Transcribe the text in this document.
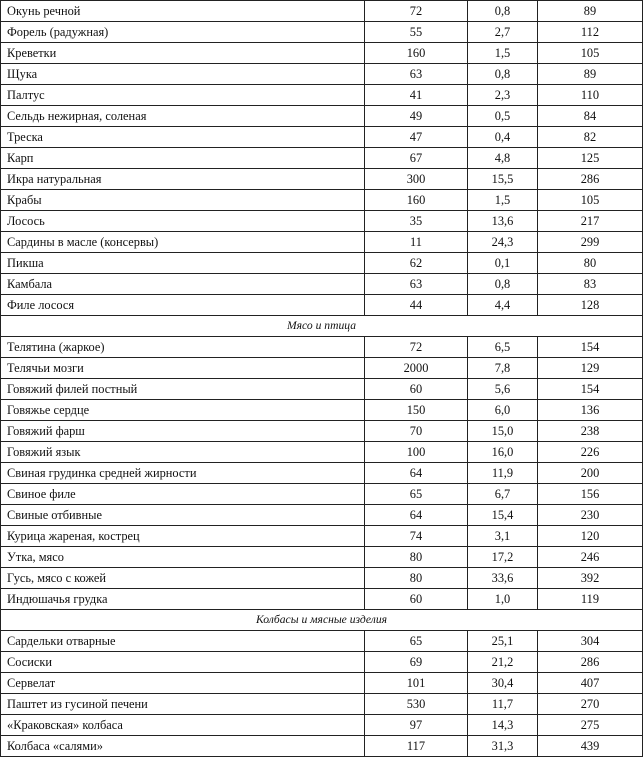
Окунь речной	72	0,8	89
Форель (радужная)	55	2,7	112
Креветки	160	1,5	105
Щука	63	0,8	89
Палтус	41	2,3	110
Сельдь нежирная, соленая	49	0,5	84
Треска	47	0,4	82
Карп	67	4,8	125
Икра натуральная	300	15,5	286
Крабы	160	1,5	105
Лосось	35	13,6	217
Сардины в масле (консервы)	11	24,3	299
Пикша	62	0,1	80
Камбала	63	0,8	83
Филе лосося	44	4,4	128
Мясо и птица			
Телятина (жаркое)	72	6,5	154
Телячьи мозги	2000	7,8	129
Говяжий филей постный	60	5,6	154
Говяжье сердце	150	6,0	136
Говяжий фарш	70	15,0	238
Говяжий язык	100	16,0	226
Свиная грудинка средней жирности	64	11,9	200
Свиное филе	65	6,7	156
Свиные отбивные	64	15,4	230
Курица жареная, кострец	74	3,1	120
Утка, мясо	80	17,2	246
Гусь, мясо с кожей	80	33,6	392
Индюшачья грудка	60	1,0	119
Колбасы и мясные изделия			
Сардельки отварные	65	25,1	304
Сосиски	69	21,2	286
Сервелат	101	30,4	407
Паштет из гусиной печени	530	11,7	270
«Краковская» колбаса	97	14,3	275
Колбаса «салями»	117	31,3	439
